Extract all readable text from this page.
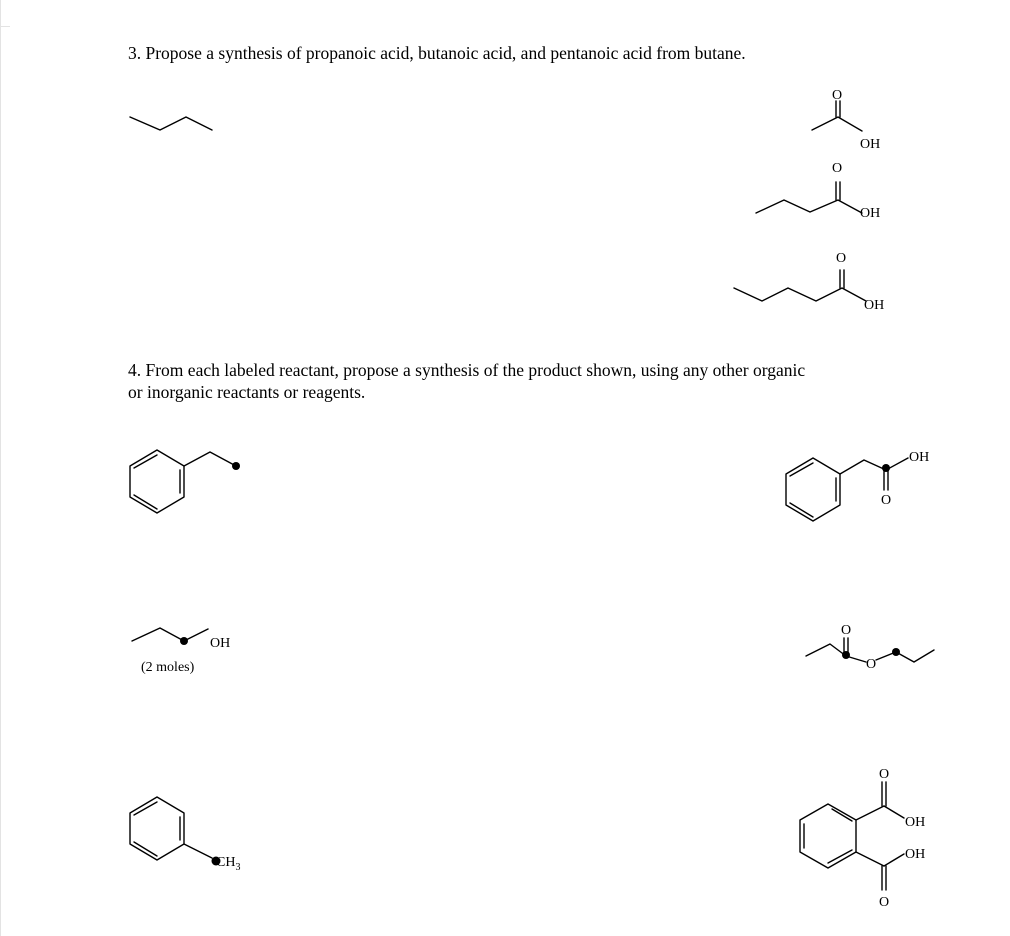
3. Propose a synthesis of propanoic acid, butanoic acid, and pentanoic acid from butane.

4. From each labeled reactant, propose a synthesis of the product shown, using any other organic
or inorganic reactants or reagents.

O
OH
O
OH
O
OH
OH
O
OH
(2 moles)
O
O
$CH_3$
O
OH
OH
O
